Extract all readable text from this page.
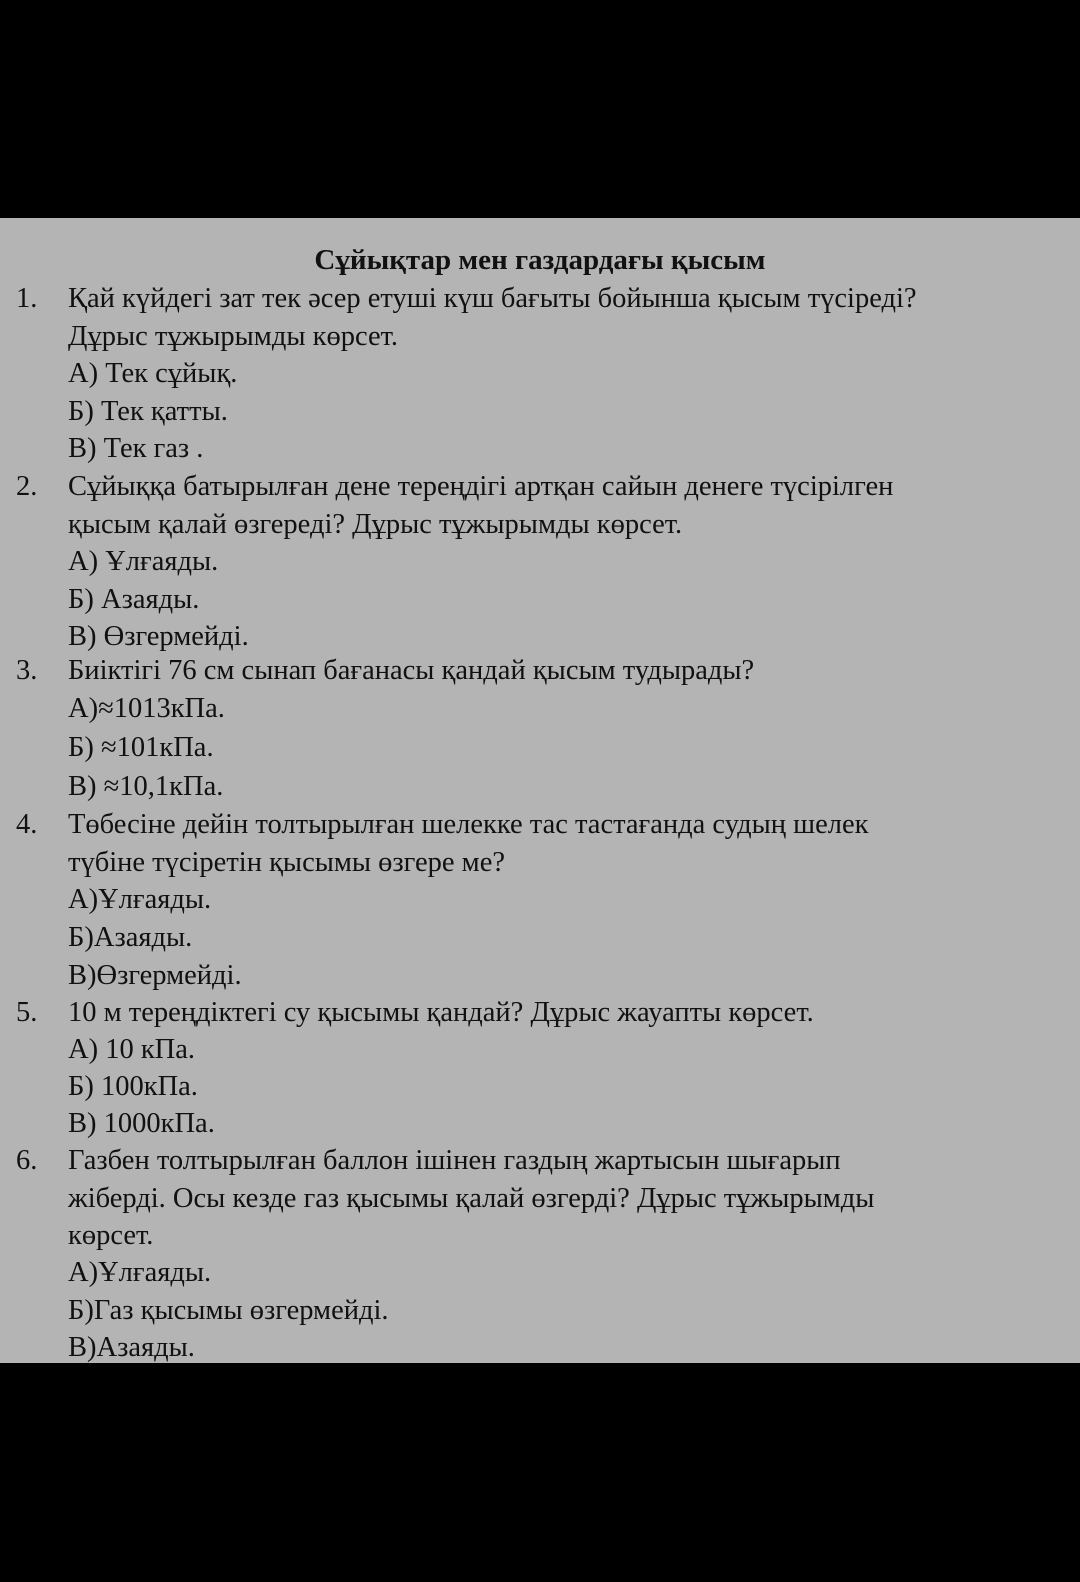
Сұйықтар мен газдардағы қысым
1. Қай күйдегі зат тек әсер етуші күш бағыты бойынша қысым түсіреді?
Дұрыс тұжырымды көрсет.
А) Тек сұйық.
Б) Тек қатты.
В) Тек газ .
2. Сұйыққа батырылған дене тереңдігі артқан сайын денеге түсірілген
қысым қалай өзгереді? Дұрыс тұжырымды көрсет.
А) Ұлғаяды.
Б) Азаяды.
В) Өзгермейді.
3. Биіктігі 76 см сынап бағанасы қандай қысым тудырады?
А)≈1013кПа.
Б) ≈101кПа.
В) ≈10,1кПа.
4. Төбесіне дейін толтырылған шелекке тас тастағанда судың шелек
түбіне түсіретін қысымы өзгере ме?
А)Ұлғаяды.
Б)Азаяды.
В)Өзгермейді.
5. 10 м тереңдіктегі су қысымы қандай? Дұрыс жауапты көрсет.
А) 10 кПа.
Б) 100кПа.
В) 1000кПа.
6. Газбен толтырылған баллон ішінен газдың жартысын шығарып
жіберді. Осы кезде газ қысымы қалай өзгерді? Дұрыс тұжырымды
көрсет.
А)Ұлғаяды.
Б)Газ қысымы өзгермейді.
В)Азаяды.
